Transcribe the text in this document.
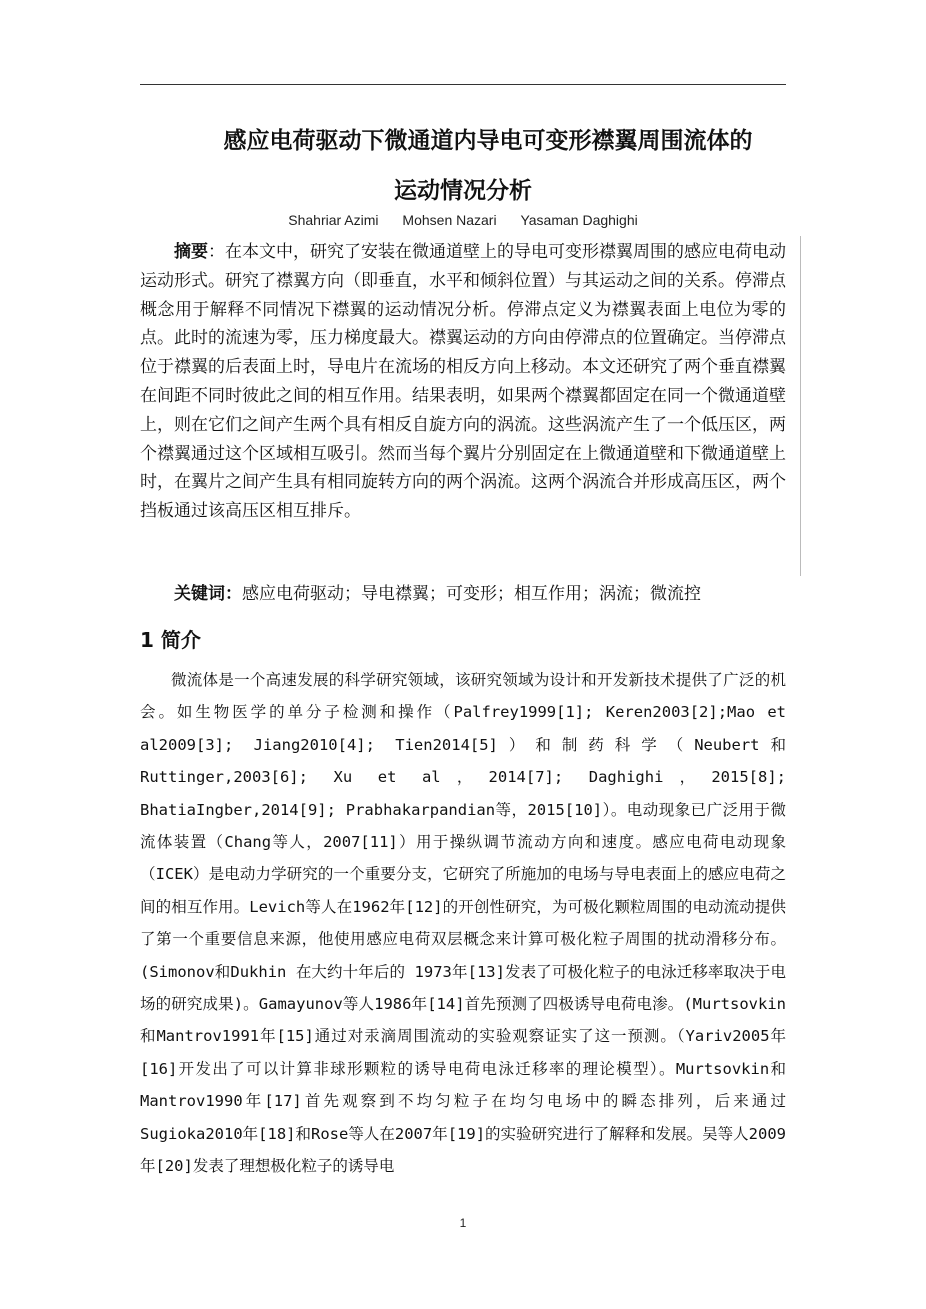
感应电荷驱动下微通道内导电可变形襟翼周围流体的
运动情况分析
Shahriar Azimi Mohsen Nazari Yasaman Daghighi

摘要：在本文中，研究了安装在微通道壁上的导电可变形襟翼周围的感应电荷电动运动形式。研究了襟翼方向（即垂直，水平和倾斜位置）与其运动之间的关系。停滞点概念用于解释不同情况下襟翼的运动情况分析。停滞点定义为襟翼表面上电位为零的点。此时的流速为零，压力梯度最大。襟翼运动的方向由停滞点的位置确定。当停滞点位于襟翼的后表面上时，导电片在流场的相反方向上移动。本文还研究了两个垂直襟翼在间距不同时彼此之间的相互作用。结果表明，如果两个襟翼都固定在同一个微通道壁上，则在它们之间产生两个具有相反自旋方向的涡流。这些涡流产生了一个低压区，两个襟翼通过这个区域相互吸引。然而当每个翼片分别固定在上微通道壁和下微通道壁上时，在翼片之间产生具有相同旋转方向的两个涡流。这两个涡流合并形成高压区，两个挡板通过该高压区相互排斥。

关键词：感应电荷驱动；导电襟翼；可变形；相互作用；涡流；微流控

1 简介

微流体是一个高速发展的科学研究领域，该研究领域为设计和开发新技术提供了广泛的机会。如生物医学的单分子检测和操作（Palfrey1999[1]; Keren2003[2];Mao et al2009[3]; Jiang2010[4]; Tien2014[5]）和制药科学（Neubert和Ruttinger,2003[6]; Xu et al，2014[7]; Daghighi，2015[8]; BhatiaIngber,2014[9]; Prabhakarpandian等，2015[10]）。电动现象已广泛用于微流体装置（Chang等人，2007[11]）用于操纵调节流动方向和速度。感应电荷电动现象（ICEK）是电动力学研究的一个重要分支，它研究了所施加的电场与导电表面上的感应电荷之间的相互作用。Levich等人在1962年[12]的开创性研究，为可极化颗粒周围的电动流动提供了第一个重要信息来源，他使用感应电荷双层概念来计算可极化粒子周围的扰动滑移分布。(Simonov和Dukhin 在大约十年后的 1973年[13]发表了可极化粒子的电泳迁移率取决于电场的研究成果)。Gamayunov等人1986年[14]首先预测了四极诱导电荷电渗。(Murtsovkin和Mantrov1991年[15]通过对汞滴周围流动的实验观察证实了这一预测。（Yariv2005年[16]开发出了可以计算非球形颗粒的诱导电荷电泳迁移率的理论模型）。Murtsovkin和Mantrov1990年[17]首先观察到不均匀粒子在均匀电场中的瞬态排列，后来通过Sugioka2010年[18]和Rose等人在2007年[19]的实验研究进行了解释和发展。吴等人2009年[20]发表了理想极化粒子的诱导电

1
